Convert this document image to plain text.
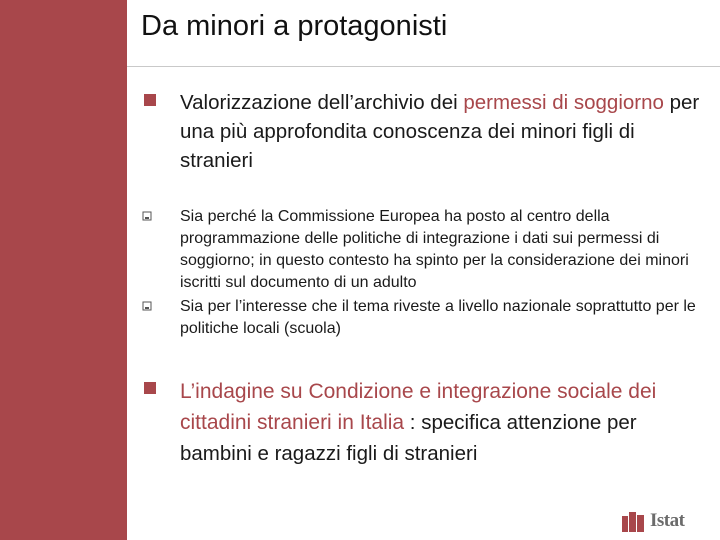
Da minori a protagonisti

Valorizzazione dell’archivio dei permessi di soggiorno per una più approfondita conoscenza dei minori figli di stranieri

Sia perché la Commissione Europea ha posto al centro della programmazione delle politiche di integrazione i dati sui permessi di soggiorno; in questo contesto ha spinto per la considerazione dei minori iscritti sul documento di un adulto

Sia per l’interesse che il tema riveste a livello nazionale soprattutto per le politiche locali (scuola)

L’indagine su Condizione e integrazione sociale dei cittadini stranieri in Italia : specifica attenzione per bambini e ragazzi figli di stranieri

Istat
